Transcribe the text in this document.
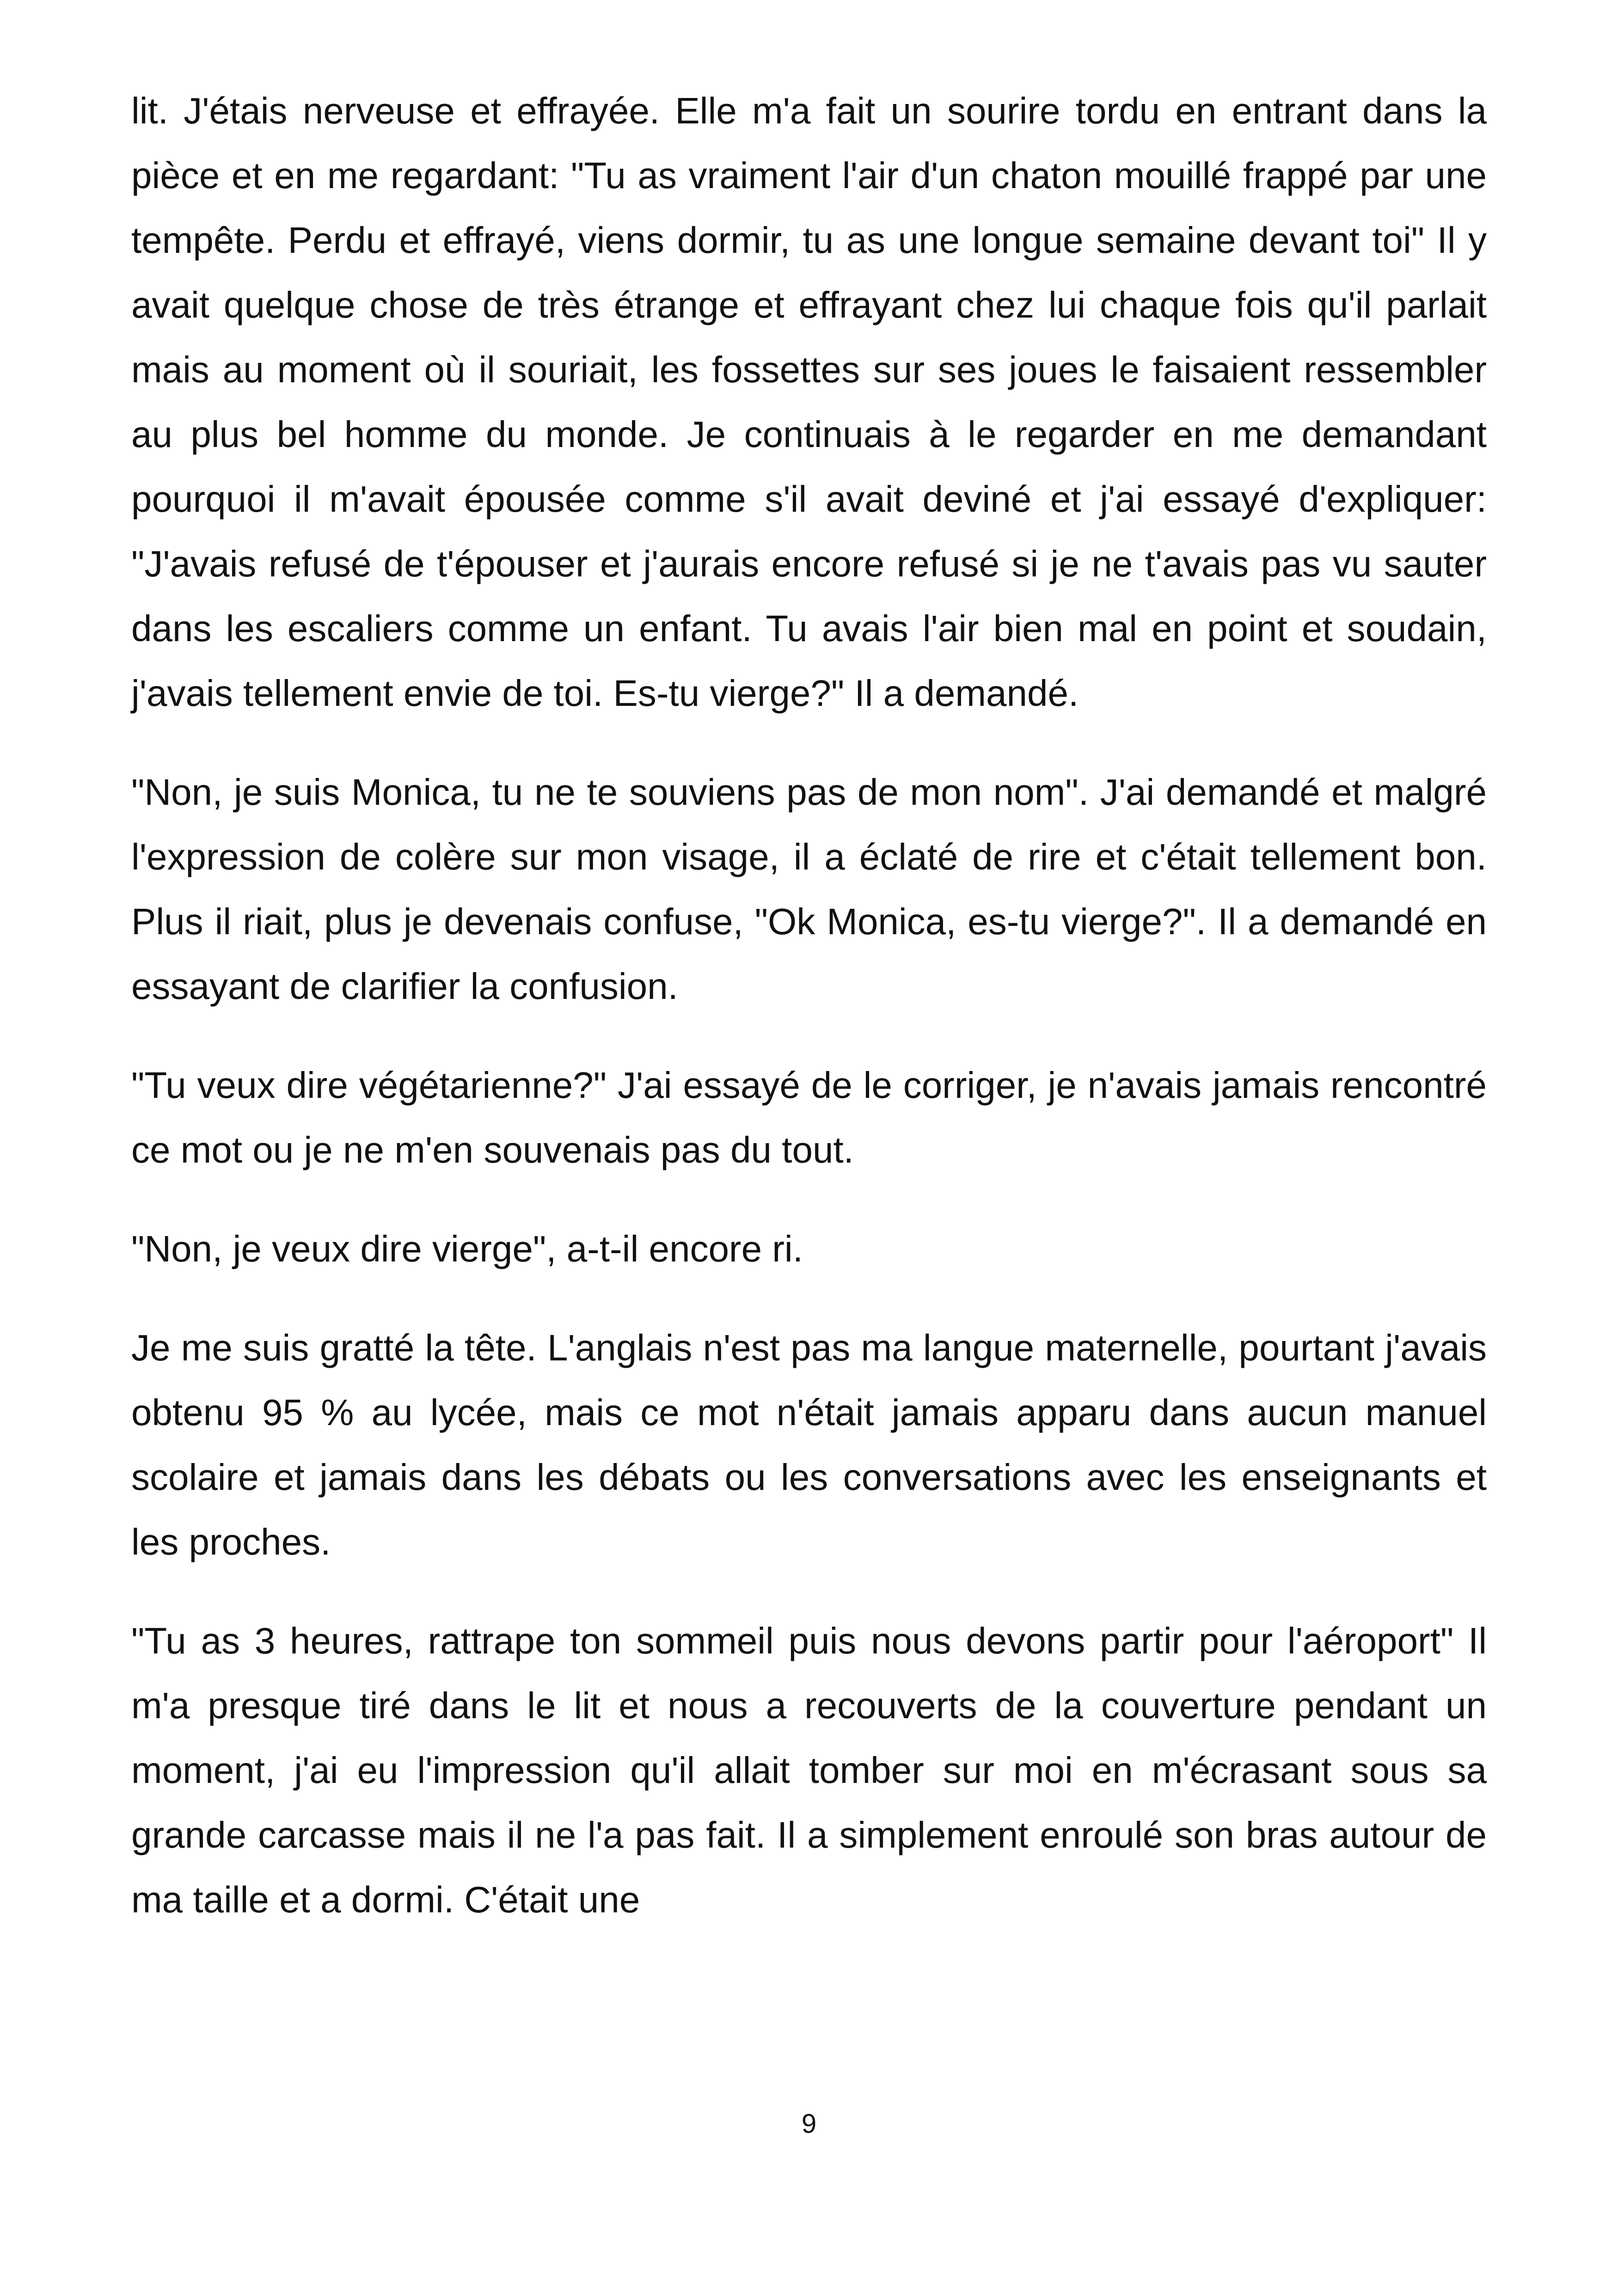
lit. J'étais nerveuse et effrayée. Elle m'a fait un sourire tordu en entrant dans la pièce et en me regardant: "Tu as vraiment l'air d'un chaton mouillé frappé par une tempête. Perdu et effrayé, viens dormir, tu as une longue semaine devant toi" Il y avait quelque chose de très étrange et effrayant chez lui chaque fois qu'il parlait mais au moment où il souriait, les fossettes sur ses joues le faisaient ressembler au plus bel homme du monde. Je continuais à le regarder en me demandant pourquoi il m'avait épousée comme s'il avait deviné et j'ai essayé d'expliquer: "J'avais refusé de t'épouser et j'aurais encore refusé si je ne t'avais pas vu sauter dans les escaliers comme un enfant. Tu avais l'air bien mal en point et soudain, j'avais tellement envie de toi. Es-tu vierge?" Il a demandé.

"Non, je suis Monica, tu ne te souviens pas de mon nom". J'ai demandé et malgré l'expression de colère sur mon visage, il a éclaté de rire et c'était tellement bon. Plus il riait, plus je devenais confuse, "Ok Monica, es-tu vierge?". Il a demandé en essayant de clarifier la confusion.

"Tu veux dire végétarienne?" J'ai essayé de le corriger, je n'avais jamais rencontré ce mot ou je ne m'en souvenais pas du tout.

"Non, je veux dire vierge", a-t-il encore ri.

Je me suis gratté la tête. L'anglais n'est pas ma langue maternelle, pourtant j'avais obtenu 95 % au lycée, mais ce mot n'était jamais apparu dans aucun manuel scolaire et jamais dans les débats ou les conversations avec les enseignants et les proches.

"Tu as 3 heures, rattrape ton sommeil puis nous devons partir pour l'aéroport" Il m'a presque tiré dans le lit et nous a recouverts de la couverture pendant un moment, j'ai eu l'impression qu'il allait tomber sur moi en m'écrasant sous sa grande carcasse mais il ne l'a pas fait. Il a simplement enroulé son bras autour de ma taille et a dormi. C'était une

9
